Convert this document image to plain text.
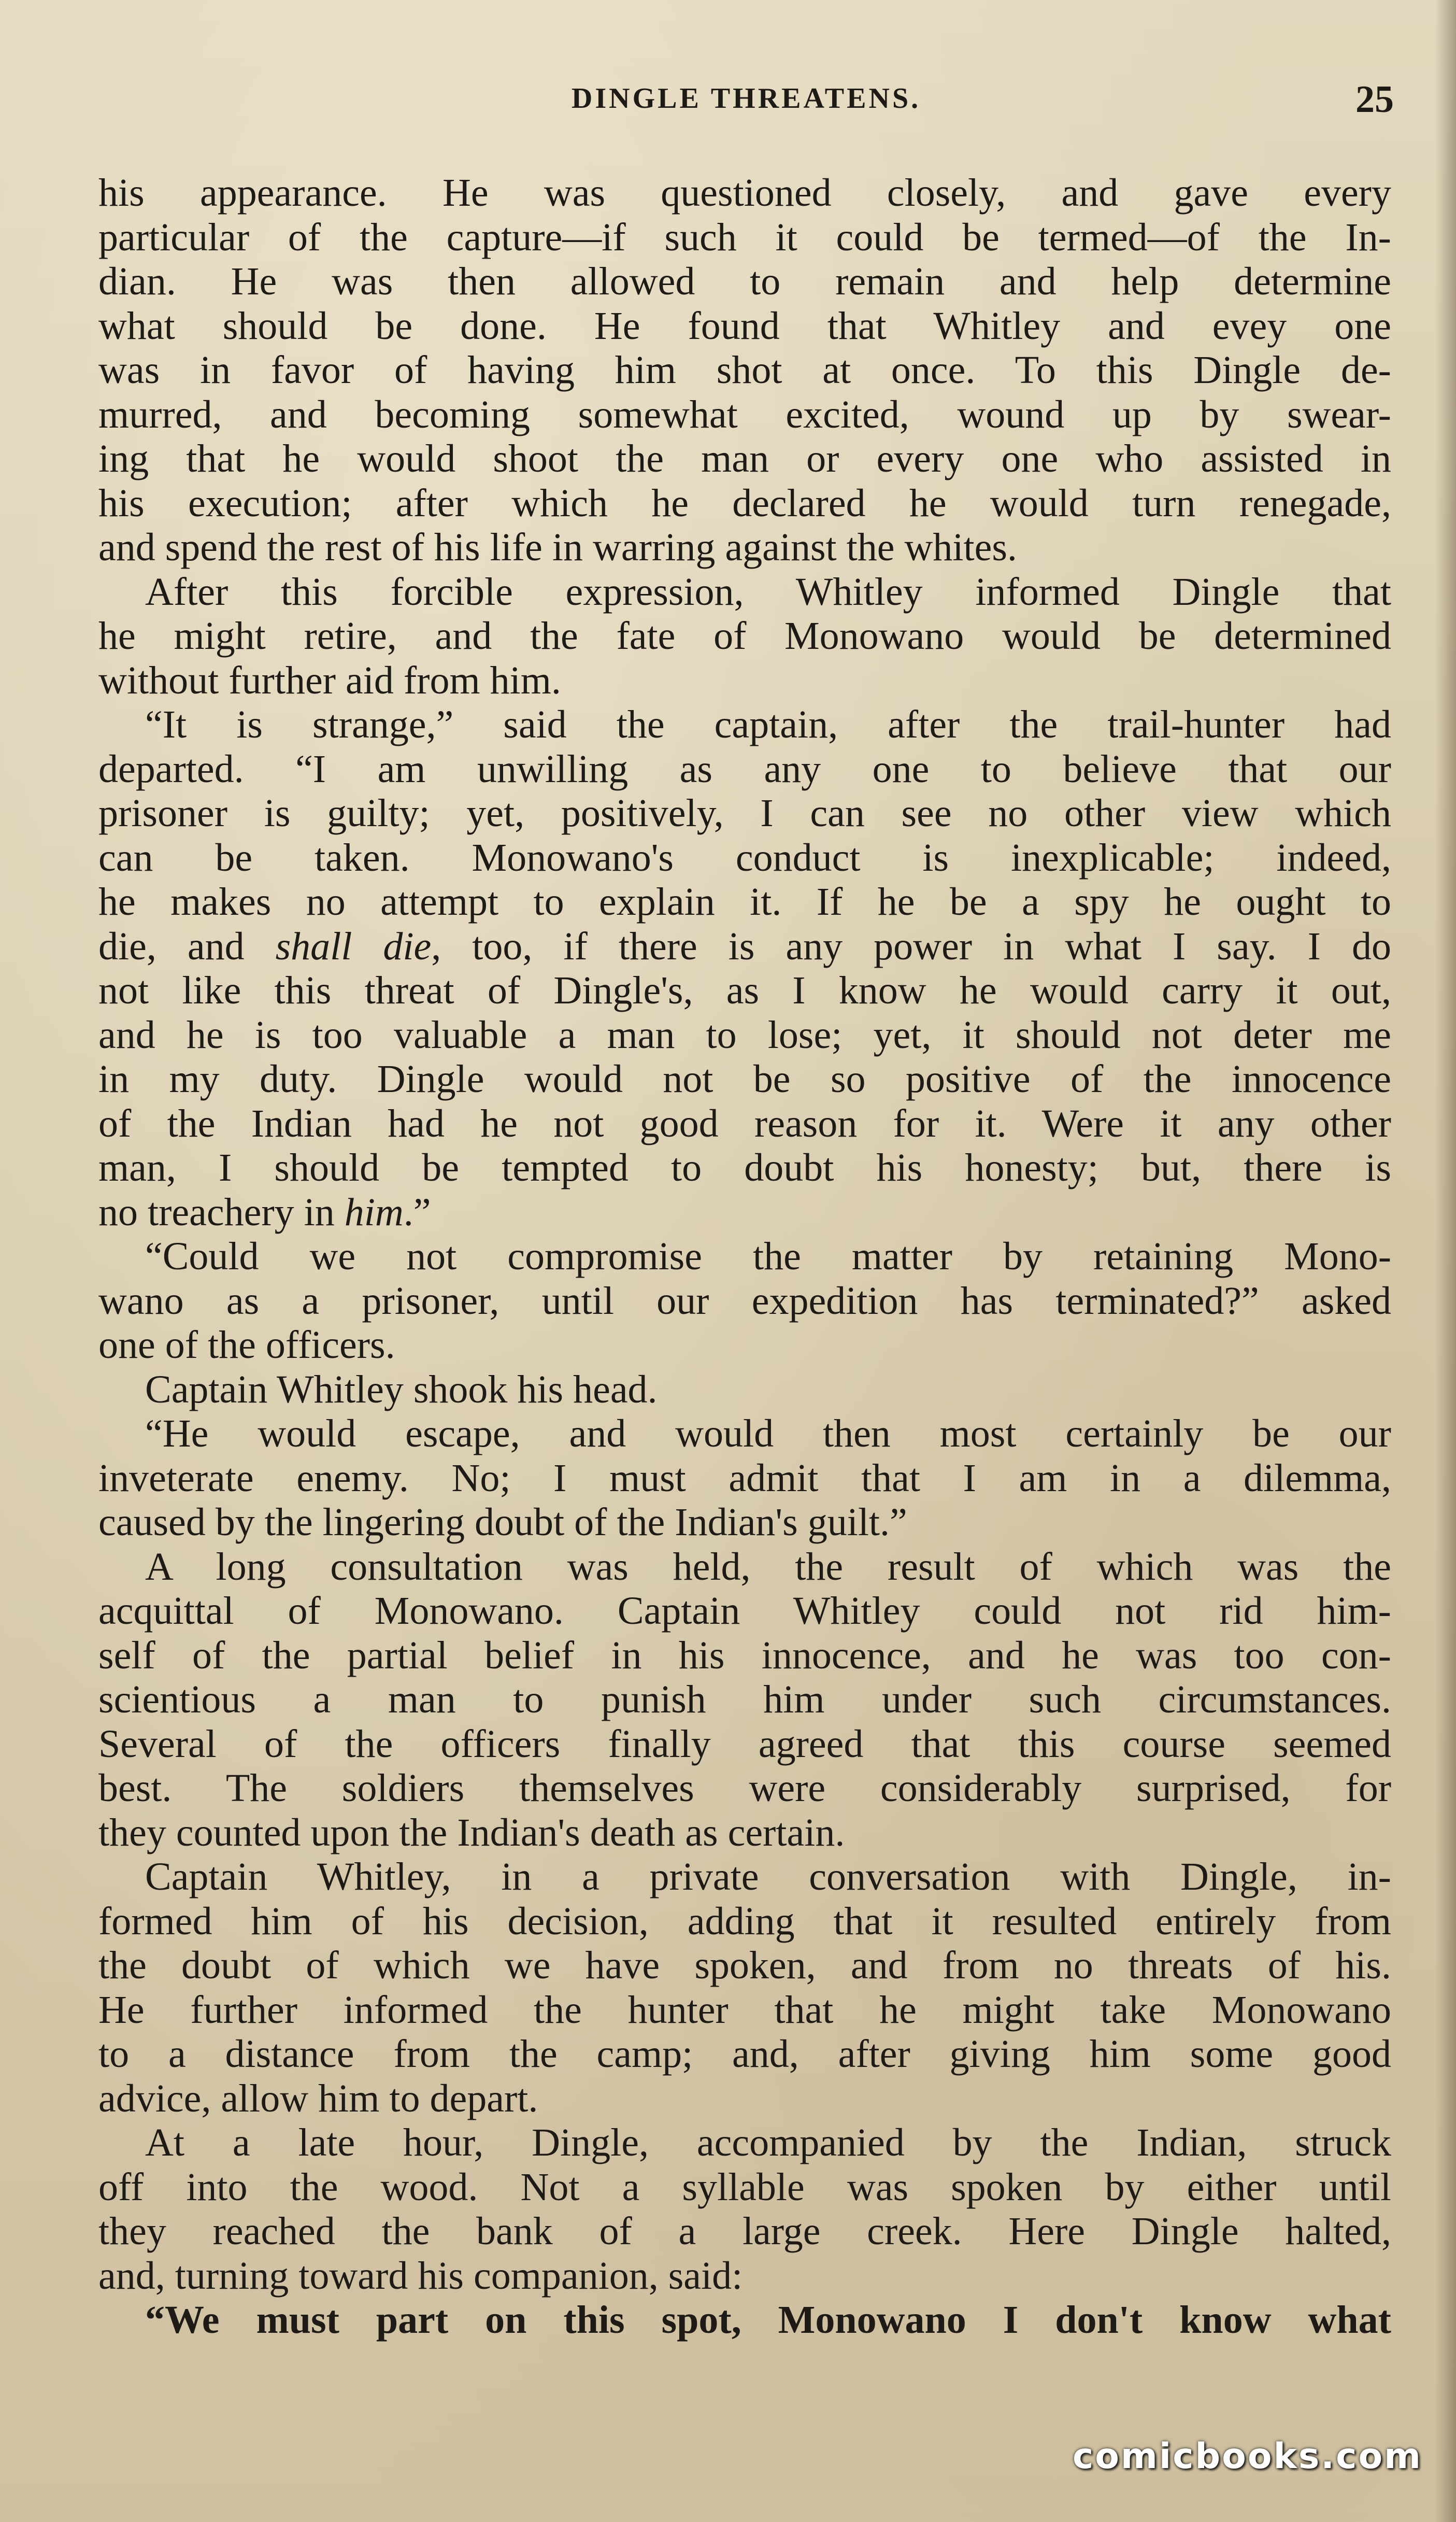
DINGLE THREATENS.	25
his appearance. He was questioned closely, and gave every
particular of the capture—if such it could be termed—of the In-
dian. He was then allowed to remain and help determine
what should be done. He found that Whitley and evey one
was in favor of having him shot at once. To this Dingle de-
murred, and becoming somewhat excited, wound up by swear-
ing that he would shoot the man or every one who assisted in
his execution; after which he declared he would turn renegade,
and spend the rest of his life in warring against the whites.
After this forcible expression, Whitley informed Dingle that
he might retire, and the fate of Monowano would be determined
without further aid from him.
“It is strange,” said the captain, after the trail-hunter had
departed. “I am unwilling as any one to believe that our
prisoner is guilty; yet, positively, I can see no other view which
can be taken. Monowano's conduct is inexplicable; indeed,
he makes no attempt to explain it. If he be a spy he ought to
die, and shall die, too, if there is any power in what I say. I do
not like this threat of Dingle's, as I know he would carry it out,
and he is too valuable a man to lose; yet, it should not deter me
in my duty. Dingle would not be so positive of the innocence
of the Indian had he not good reason for it. Were it any other
man, I should be tempted to doubt his honesty; but, there is
no treachery in him.”
“Could we not compromise the matter by retaining Mono-
wano as a prisoner, until our expedition has terminated?” asked
one of the officers.
Captain Whitley shook his head.
“He would escape, and would then most certainly be our
inveterate enemy. No; I must admit that I am in a dilemma,
caused by the lingering doubt of the Indian's guilt.”
A long consultation was held, the result of which was the
acquittal of Monowano. Captain Whitley could not rid him-
self of the partial belief in his innocence, and he was too con-
scientious a man to punish him under such circumstances.
Several of the officers finally agreed that this course seemed
best. The soldiers themselves were considerably surprised, for
they counted upon the Indian's death as certain.
Captain Whitley, in a private conversation with Dingle, in-
formed him of his decision, adding that it resulted entirely from
the doubt of which we have spoken, and from no threats of his.
He further informed the hunter that he might take Monowano
to a distance from the camp; and, after giving him some good
advice, allow him to depart.
At a late hour, Dingle, accompanied by the Indian, struck
off into the wood. Not a syllable was spoken by either until
they reached the bank of a large creek. Here Dingle halted,
and, turning toward his companion, said:
“We must part on this spot, Monowano I don't know what
comicbooks.com
